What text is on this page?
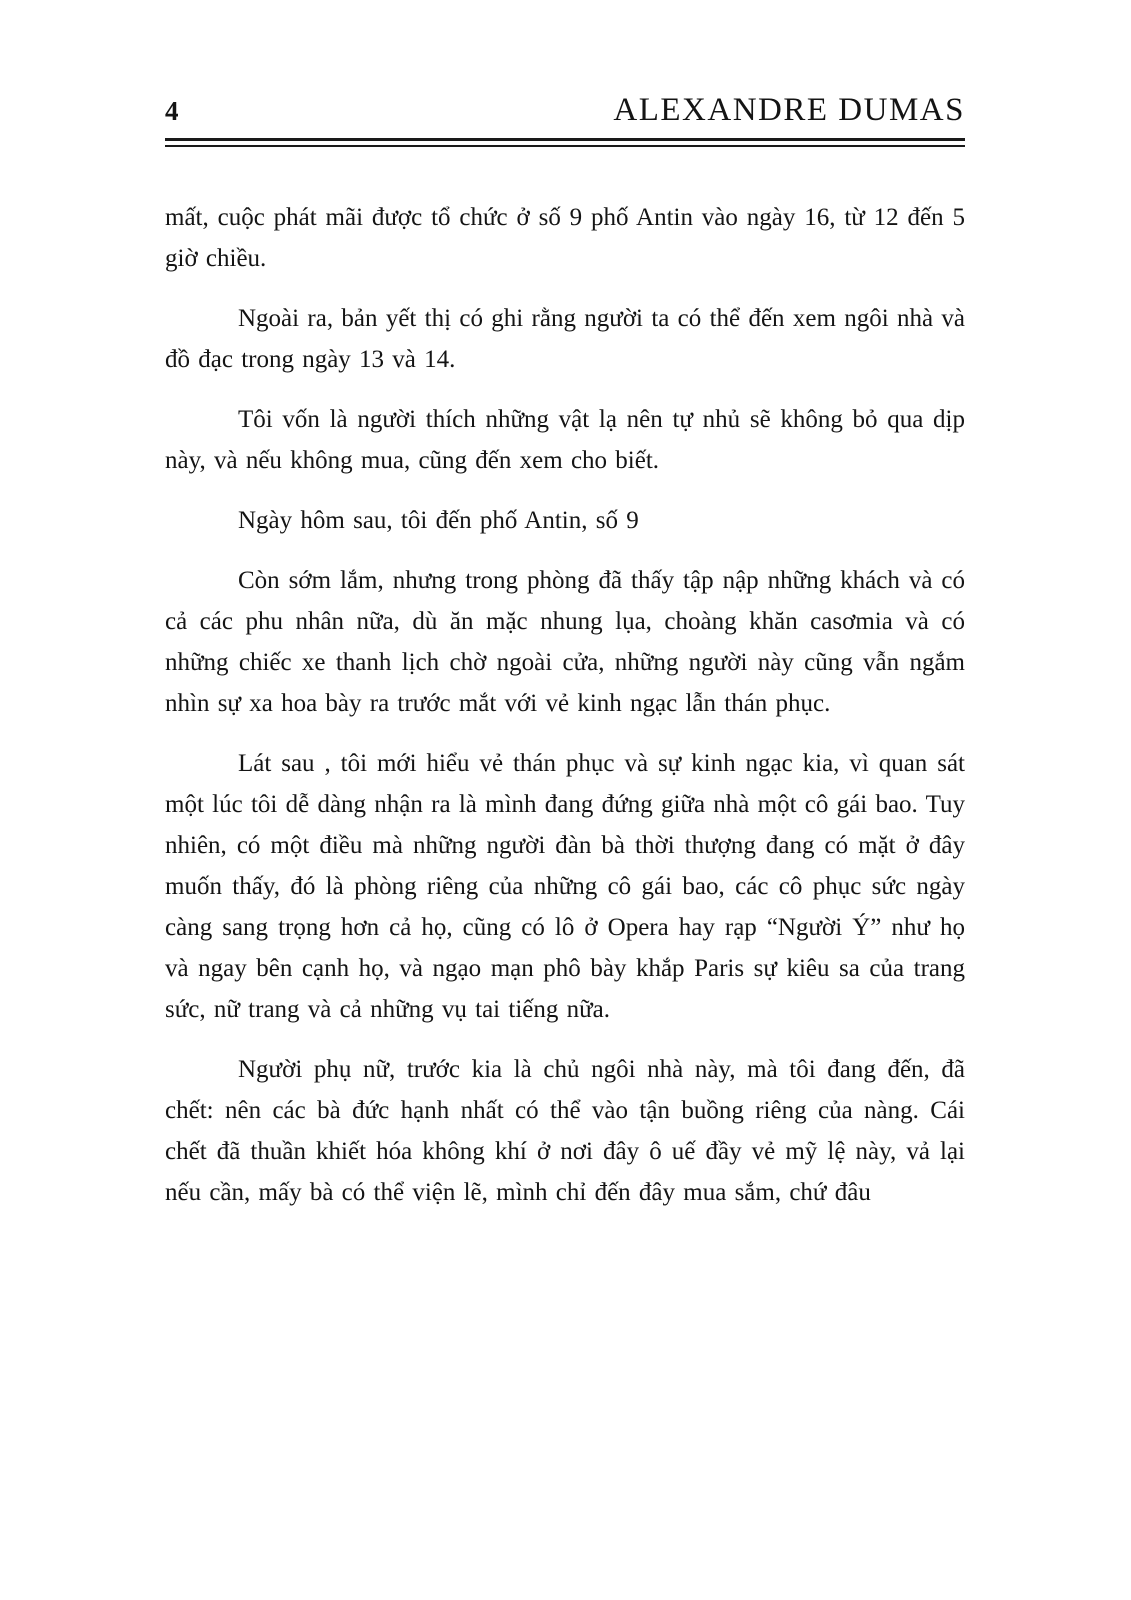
4	ALEXANDRE DUMAS

mất, cuộc phát mãi được tổ chức ở số 9 phố Antin vào ngày 16, từ 12 đến 5 giờ chiều.

Ngoài ra, bản yết thị có ghi rằng người ta có thể đến xem ngôi nhà và đồ đạc trong ngày 13 và 14.

Tôi vốn là người thích những vật lạ nên tự nhủ sẽ không bỏ qua dịp này, và nếu không mua, cũng đến xem cho biết.

Ngày hôm sau, tôi đến phố Antin, số 9

Còn sớm lắm, nhưng trong phòng đã thấy tập nập những khách và có cả các phu nhân nữa, dù ăn mặc nhung lụa, choàng khăn casơmia và có những chiếc xe thanh lịch chờ ngoài cửa, những người này cũng vẫn ngắm nhìn sự xa hoa bày ra trước mắt với vẻ kinh ngạc lẫn thán phục.

Lát sau , tôi mới hiểu vẻ thán phục và sự kinh ngạc kia, vì quan sát một lúc tôi dễ dàng nhận ra là mình đang đứng giữa nhà một cô gái bao. Tuy nhiên, có một điều mà những người đàn bà thời thượng đang có mặt ở đây muốn thấy, đó là phòng riêng của những cô gái bao, các cô phục sức ngày càng sang trọng hơn cả họ, cũng có lô ở Opera hay rạp “Người Ý” như họ và ngay bên cạnh họ, và ngạo mạn phô bày khắp Paris sự kiêu sa của trang sức, nữ trang và cả những vụ tai tiếng nữa.

Người phụ nữ, trước kia là chủ ngôi nhà này, mà tôi đang đến, đã chết: nên các bà đức hạnh nhất có thể vào tận buồng riêng của nàng. Cái chết đã thuần khiết hóa không khí ở nơi đây ô uế đầy vẻ mỹ lệ này, vả lại nếu cần, mấy bà có thể viện lẽ, mình chỉ đến đây mua sắm, chứ đâu
